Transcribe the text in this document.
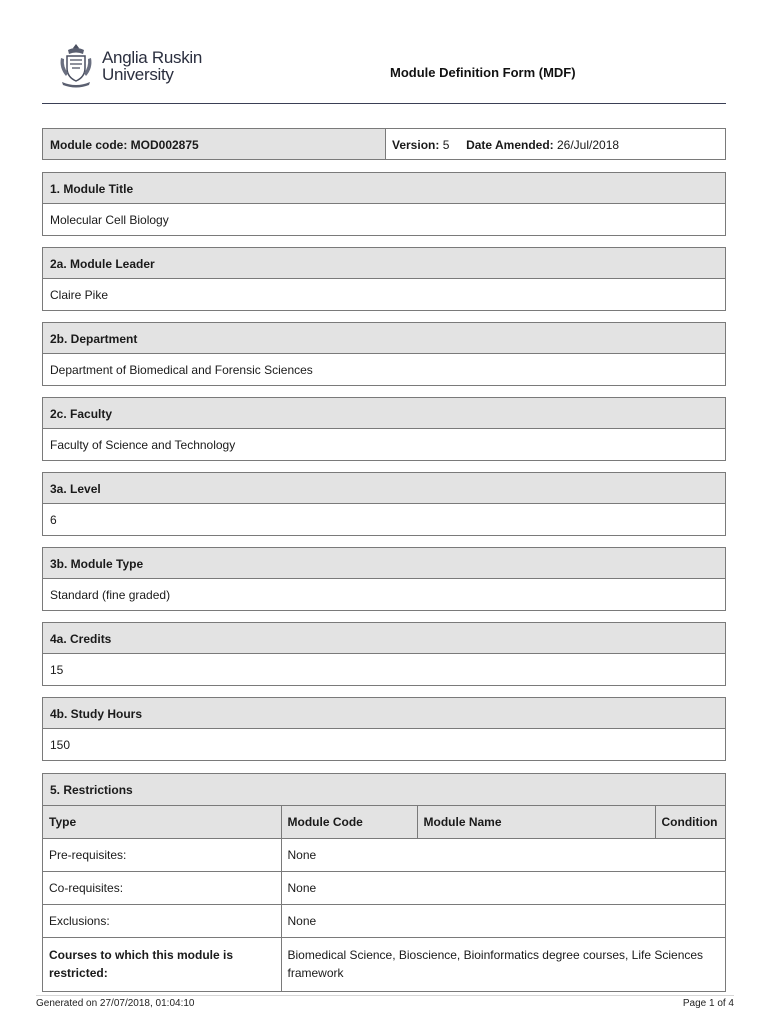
Anglia Ruskin
University	Module Definition Form (MDF)
Module code: MOD002875	Version: 5 Date Amended: 26/Jul/2018
1. Module Title
Molecular Cell Biology
2a. Module Leader
Claire Pike
2b. Department
Department of Biomedical and Forensic Sciences
2c. Faculty
Faculty of Science and Technology
3a. Level
6
3b. Module Type
Standard (fine graded)
4a. Credits
15
4b. Study Hours
150
5. Restrictions
Type	Module Code	Module Name	Condition
Pre-requisites:	None		
Co-requisites:	None		
Exclusions:	None		
Courses to which this module is restricted:	Biomedical Science, Bioscience, Bioinformatics degree courses, Life Sciences framework		
Generated on 27/07/2018, 01:04:10	Page 1 of 4
